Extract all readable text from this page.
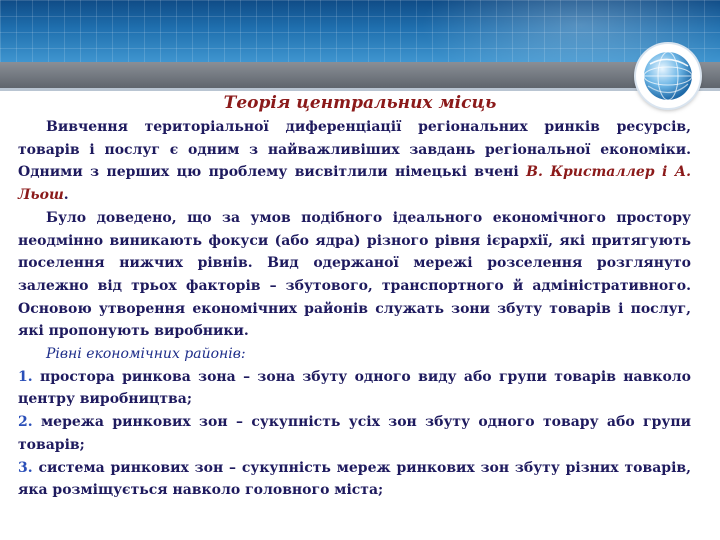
Теорія центральних місць

Вивчення територіальної диференціації регіональних ринків ресурсів, товарів і послуг є одним з найважливіших завдань регіональної економіки. Одними з перших цю проблему висвітлили німецькі вчені В. Кристаллер і А. Льош.

Було доведено, що за умов подібного ідеального економічного простору неодмінно виникають фокуси (або ядра) різного рівня ієрархії, які притягують поселення нижчих рівнів. Вид одержаної мережі розселення розглянуто залежно від трьох факторів – збутового, транспортного й адміністративного. Основою утворення економічних районів служать зони збуту товарів і послуг, які пропонують виробники.

Рівні економічних районів:

1. простора ринкова зона – зона збуту одного виду або групи товарів навколо центру виробництва;

2. мережа ринкових зон – сукупність усіх зон збуту одного товару або групи товарів;

3. система ринкових зон – сукупність мереж ринкових зон збуту різних товарів, яка розміщується навколо головного міста;
